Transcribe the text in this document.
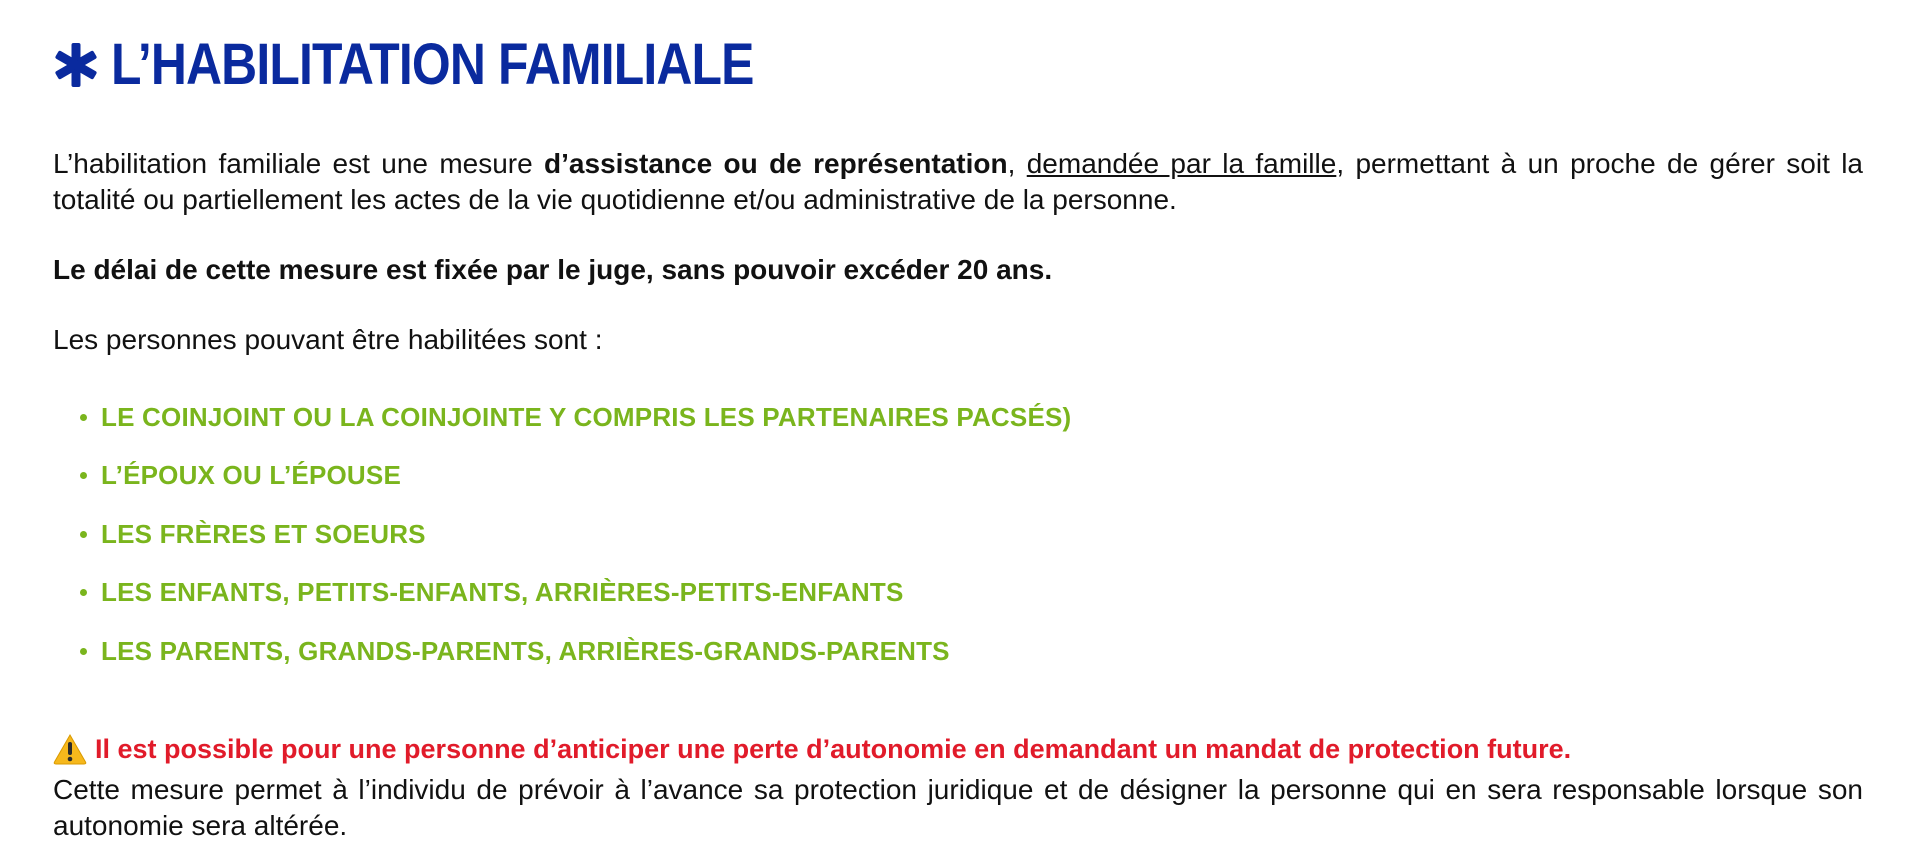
L’HABILITATION FAMILIALE

L’habilitation familiale est une mesure d’assistance ou de représentation, demandée par la famille, permettant à un proche de gérer soit la totalité ou partiellement les actes de la vie quotidienne et/ou administrative de la personne.

Le délai de cette mesure est fixée par le juge, sans pouvoir excéder 20 ans.

Les personnes pouvant être habilitées sont :

LE COINJOINT OU LA COINJOINTE Y COMPRIS LES PARTENAIRES PACSÉS)
L’ÉPOUX OU L’ÉPOUSE
LES FRÈRES ET SOEURS
LES ENFANTS, PETITS-ENFANTS, ARRIÈRES-PETITS-ENFANTS
LES PARENTS, GRANDS-PARENTS, ARRIÈRES-GRANDS-PARENTS
Il est possible pour une personne d’anticiper une perte d’autonomie en demandant un mandat de protection future.

Cette mesure permet à l’individu de prévoir à l’avance sa protection juridique et de désigner la personne qui en sera responsable lorsque son autonomie sera altérée.
